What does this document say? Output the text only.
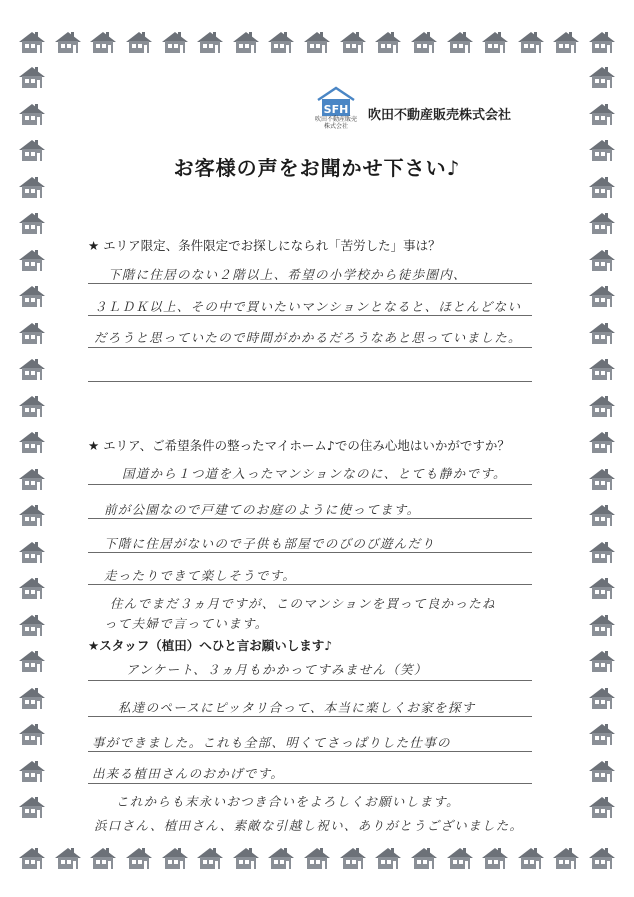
SFH
吹田不動産販売
株式会社
吹田不動産販売株式会社
お客様の声をお聞かせ下さい♪
★ エリア限定、条件限定でお探しになられ「苦労した」事は？
下階に住居のない２階以上、希望の小学校から徒歩圏内、
３ＬＤＫ以上、その中で買いたいマンションとなると、ほとんどない
だろうと思っていたので時間がかかるだろうなあと思っていました。
★ エリア、ご希望条件の整ったマイホーム♪での住み心地はいかがですか？
国道から１つ道を入ったマンションなのに、とても静かです。
前が公園なので戸建てのお庭のように使ってます。
下階に住居がないので子供も部屋でのびのび遊んだり
走ったりできて楽しそうです。
住んでまだ３ヵ月ですが、このマンションを買って良かったね
って夫婦で言っています。
★スタッフ（植田）へひと言お願いします♪
アンケート、３ヵ月もかかってすみません（笑）
私達のペースにピッタリ合って、本当に楽しくお家を探す
事ができました。これも全部、明くてさっぱりした仕事の
出来る植田さんのおかげです。
これからも末永いおつき合いをよろしくお願いします。
浜口さん、植田さん、素敵な引越し祝い、ありがとうございました。
